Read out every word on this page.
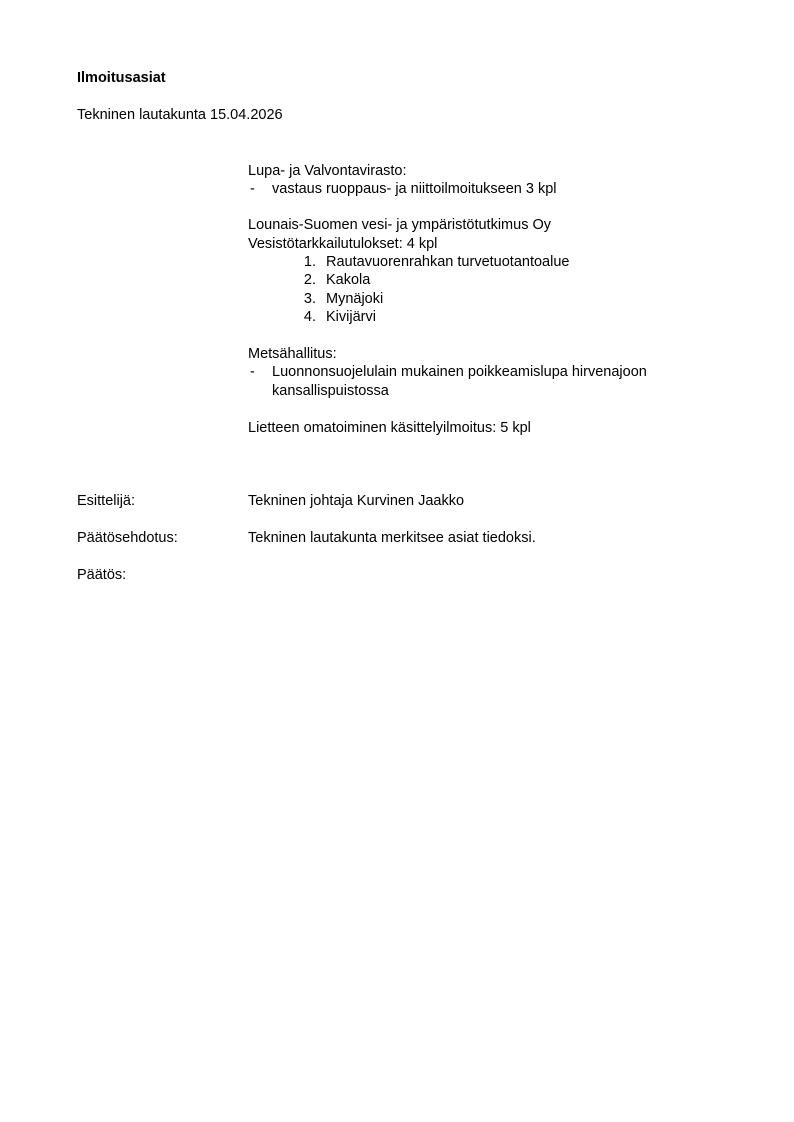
Ilmoitusasiat
Tekninen lautakunta 15.04.2026
Lupa- ja Valvontavirasto:
- vastaus ruoppaus- ja niittoilmoitukseen 3 kpl
Lounais-Suomen vesi- ja ympäristötutkimus Oy
Vesistötarkkailutulokset: 4 kpl
1. Rautavuorenrahkan turvetuotantoalue
2. Kakola
3. Mynäjoki
4. Kivijärvi
Metsähallitus:
- Luonnonsuojelulain mukainen poikkeamislupa hirvenajoon
kansallispuistossa
Lietteen omatoiminen käsittelyilmoitus: 5 kpl
Esittelijä:	Tekninen johtaja Kurvinen Jaakko
Päätösehdotus:	Tekninen lautakunta merkitsee asiat tiedoksi.
Päätös:
